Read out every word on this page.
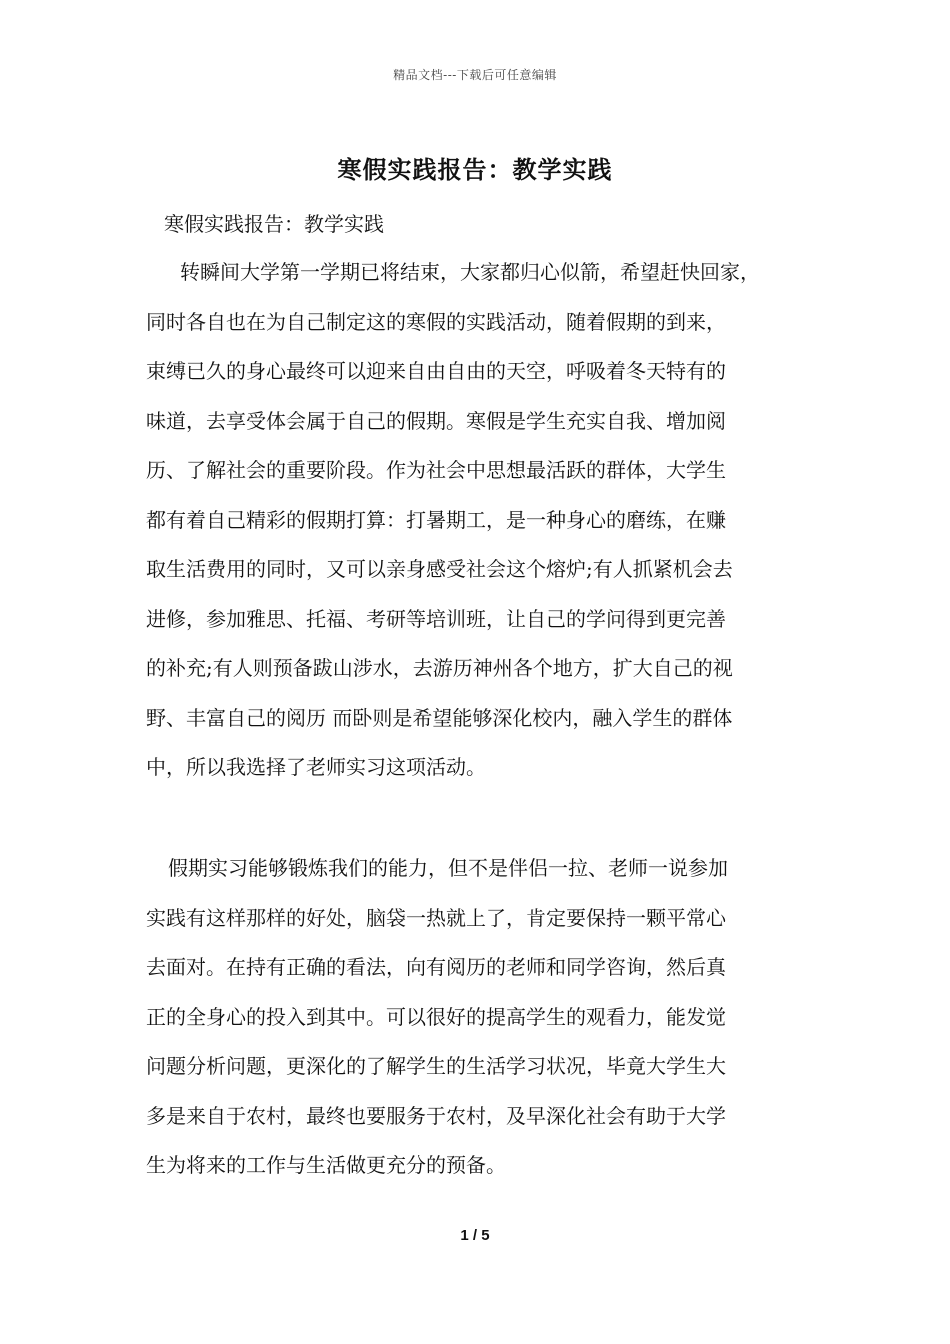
精品文档---下载后可任意编辑
寒假实践报告：教学实践
寒假实践报告：教学实践
转瞬间大学第一学期已将结束，大家都归心似箭，希望赶快回家，
同时各自也在为自己制定这的寒假的实践活动，随着假期的到来，
束缚已久的身心最终可以迎来自由自由的天空，呼吸着冬天特有的
味道，去享受体会属于自己的假期。寒假是学生充实自我、增加阅
历、了解社会的重要阶段。作为社会中思想最活跃的群体，大学生
都有着自己精彩的假期打算：打暑期工，是一种身心的磨练，在赚
取生活费用的同时，又可以亲身感受社会这个熔炉;有人抓紧机会去
进修，参加雅思、托福、考研等培训班，让自己的学问得到更完善
的补充;有人则预备跋山涉水，去游历神州各个地方，扩大自己的视
野、丰富自己的阅历 而卧则是希望能够深化校内，融入学生的群体
中，所以我选择了老师实习这项活动。
假期实习能够锻炼我们的能力，但不是伴侣一拉、老师一说参加
实践有这样那样的好处，脑袋一热就上了，肯定要保持一颗平常心
去面对。在持有正确的看法，向有阅历的老师和同学咨询，然后真
正的全身心的投入到其中。可以很好的提高学生的观看力，能发觉
问题分析问题，更深化的了解学生的生活学习状况，毕竟大学生大
多是来自于农村，最终也要服务于农村，及早深化社会有助于大学
生为将来的工作与生活做更充分的预备。
1 / 5
